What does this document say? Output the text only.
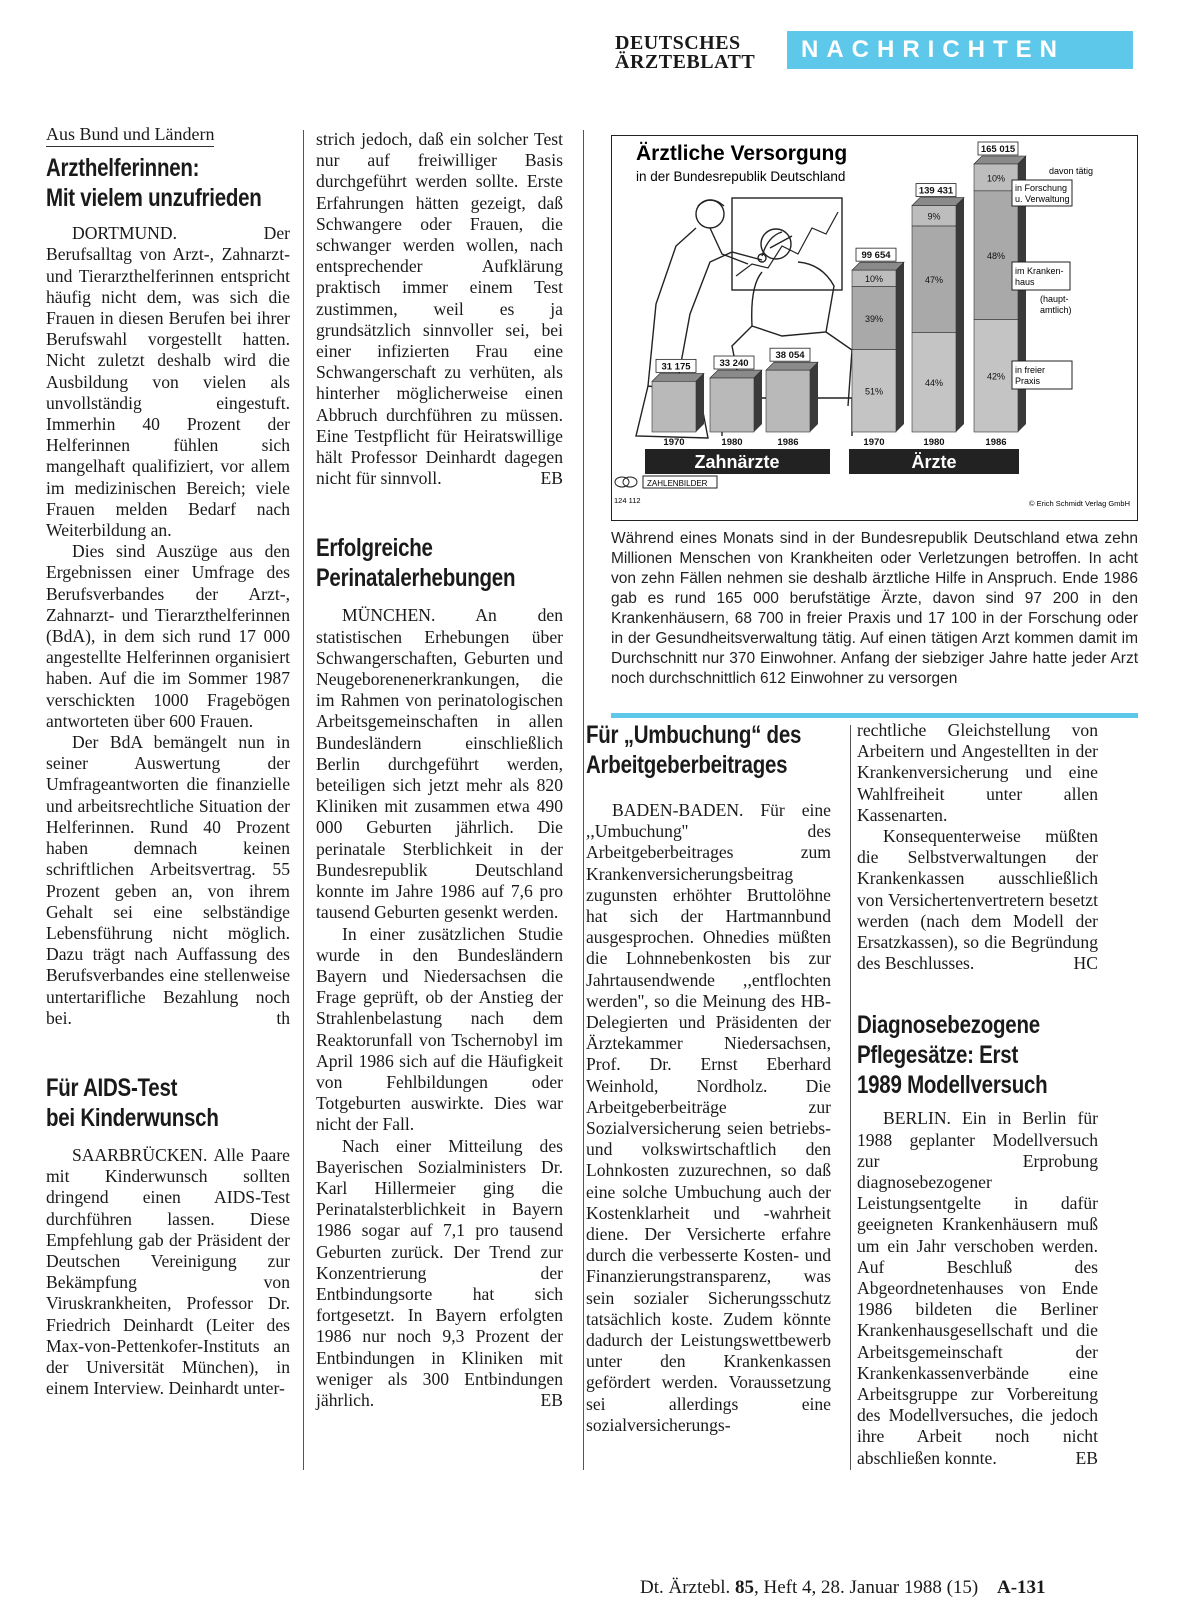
DEUTSCHES
ÄRZTEBLATT	NACHRICHTEN
Aus Bund und Ländern
Arzthelferinnen:
Mit vielem unzufrieden

DORTMUND. Der Berufsalltag von Arzt-, Zahnarzt- und Tierarzthelferinnen entspricht häufig nicht dem, was sich die Frauen in diesen Berufen bei ihrer Berufswahl vorgestellt hatten. Nicht zuletzt deshalb wird die Ausbildung von vielen als unvollständig eingestuft. Immerhin 40 Prozent der Helferinnen fühlen sich mangelhaft qualifiziert, vor allem im medizinischen Bereich; viele Frauen melden Bedarf nach Weiterbildung an.

Dies sind Auszüge aus den Ergebnissen einer Umfrage des Berufsverbandes der Arzt-, Zahnarzt- und Tierarzthelferinnen (BdA), in dem sich rund 17 000 angestellte Helferinnen organisiert haben. Auf die im Sommer 1987 verschickten 1000 Fragebögen antworteten über 600 Frauen.

Der BdA bemängelt nun in seiner Auswertung der Umfrageantworten die finanzielle und arbeitsrechtliche Situation der Helferinnen. Rund 40 Prozent haben demnach keinen schriftlichen Arbeitsvertrag. 55 Prozent geben an, von ihrem Gehalt sei eine selbständige Lebensführung nicht möglich. Dazu trägt nach Auffassung des Berufsverbandes eine stellenweise untertarifliche Bezahlung noch bei.	th

Für AIDS-Test
bei Kinderwunsch

SAARBRÜCKEN. Alle Paare mit Kinderwunsch sollten dringend einen AIDS-Test durchführen lassen. Diese Empfehlung gab der Präsident der Deutschen Vereinigung zur Bekämpfung von Viruskrankheiten, Professor Dr. Friedrich Deinhardt (Leiter des Max-von-Pettenkofer-Instituts an der Universität München), in einem Interview. Deinhardt unter-

strich jedoch, daß ein solcher Test nur auf freiwilliger Basis durchgeführt werden sollte. Erste Erfahrungen hätten gezeigt, daß Schwangere oder Frauen, die schwanger werden wollen, nach entsprechender Aufklärung praktisch immer einem Test zustimmen, weil es ja grundsätzlich sinnvoller sei, bei einer infizierten Frau eine Schwangerschaft zu verhüten, als hinterher möglicherweise einen Abbruch durchführen zu müssen. Eine Testpflicht für Heiratswillige hält Professor Deinhardt dagegen nicht für sinnvoll.	EB

Erfolgreiche
Perinatalerhebungen

MÜNCHEN. An den statistischen Erhebungen über Schwangerschaften, Geburten und Neugeborenenerkrankungen, die im Rahmen von perinatologischen Arbeitsgemeinschaften in allen Bundesländern einschließlich Berlin durchgeführt werden, beteiligen sich jetzt mehr als 820 Kliniken mit zusammen etwa 490 000 Geburten jährlich. Die perinatale Sterblichkeit in der Bundesrepublik Deutschland konnte im Jahre 1986 auf 7,6 pro tausend Geburten gesenkt werden.

In einer zusätzlichen Studie wurde in den Bundesländern Bayern und Niedersachsen die Frage geprüft, ob der Anstieg der Strahlenbelastung nach dem Reaktorunfall von Tschernobyl im April 1986 sich auf die Häufigkeit von Fehlbildungen oder Totgeburten auswirkte. Dies war nicht der Fall.

Nach einer Mitteilung des Bayerischen Sozialministers Dr. Karl Hillermeier ging die Perinatalsterblichkeit in Bayern 1986 sogar auf 7,1 pro tausend Geburten zurück. Der Trend zur Konzentrierung der Entbindungsorte hat sich fortgesetzt. In Bayern erfolgten 1986 nur noch 9,3 Prozent der Entbindungen in Kliniken mit weniger als 300 Entbindungen jährlich.	EB

Ärztliche Versorgung
in der Bundesrepublik Deutschland
31 175
1970
33 240
1980
38 054
1986
51%
39%
10%
99 654
1970
44%
47%
9%
139 431
1980
42%
48%
10%
165 015
1986
davon tätig
in Forschung
u. Verwaltung
im Kranken-
haus
(haupt-
amtlich)
in freier
Praxis
Zahnärzte	Ärzte
ZAHLENBILDER
124 112	© Erich Schmidt Verlag GmbH
Während eines Monats sind in der Bundesrepublik Deutschland etwa zehn Millionen Menschen von Krankheiten oder Verletzungen betroffen. In acht von zehn Fällen nehmen sie deshalb ärztliche Hilfe in Anspruch. Ende 1986 gab es rund 165 000 berufstätige Ärzte, davon sind 97 200 in den Krankenhäusern, 68 700 in freier Praxis und 17 100 in der Forschung oder in der Gesundheitsverwaltung tätig. Auf einen tätigen Arzt kommen damit im Durchschnitt nur 370 Einwohner. Anfang der siebziger Jahre hatte jeder Arzt noch durchschnittlich 612 Einwohner zu versorgen
Für „Umbuchung“ des
Arbeitgeberbeitrages

BADEN-BADEN. Für eine ,,Umbuchung'' des Arbeitgeberbeitrages zum Krankenversicherungsbeitrag zugunsten erhöhter Bruttolöhne hat sich der Hartmannbund ausgesprochen. Ohnedies müßten die Lohnnebenkosten bis zur Jahrtausendwende ,,entflochten werden'', so die Meinung des HB-Delegierten und Präsidenten der Ärztekammer Niedersachsen, Prof. Dr. Ernst Eberhard Weinhold, Nordholz. Die Arbeitgeberbeiträge zur Sozialversicherung seien betriebs- und volkswirtschaftlich den Lohnkosten zuzurechnen, so daß eine solche Umbuchung auch der Kostenklarheit und -wahrheit diene. Der Versicherte erfahre durch die verbesserte Kosten- und Finanzierungstransparenz, was sein sozialer Sicherungsschutz tatsächlich koste. Zudem könnte dadurch der Leistungswettbewerb unter den Krankenkassen gefördert werden. Voraussetzung sei allerdings eine sozialversicherungs-

rechtliche Gleichstellung von Arbeitern und Angestellten in der Krankenversicherung und eine Wahlfreiheit unter allen Kassenarten.

Konsequenterweise müßten die Selbstverwaltungen der Krankenkassen ausschließlich von Versichertenvertretern besetzt werden (nach dem Modell der Ersatzkassen), so die Begründung des Beschlusses.	HC

Diagnosebezogene
Pflegesätze: Erst
1989 Modellversuch

BERLIN. Ein in Berlin für 1988 geplanter Modellversuch zur Erprobung diagnosebezogener Leistungsentgelte in dafür geeigneten Krankenhäusern muß um ein Jahr verschoben werden. Auf Beschluß des Abgeordnetenhauses von Ende 1986 bildeten die Berliner Krankenhausgesellschaft und die Arbeitsgemeinschaft der Krankenkassenverbände eine Arbeitsgruppe zur Vorbereitung des Modellversuches, die jedoch ihre Arbeit noch nicht abschließen konnte.	EB

Dt. Ärztebl. 85, Heft 4, 28. Januar 1988 (15) A-131
